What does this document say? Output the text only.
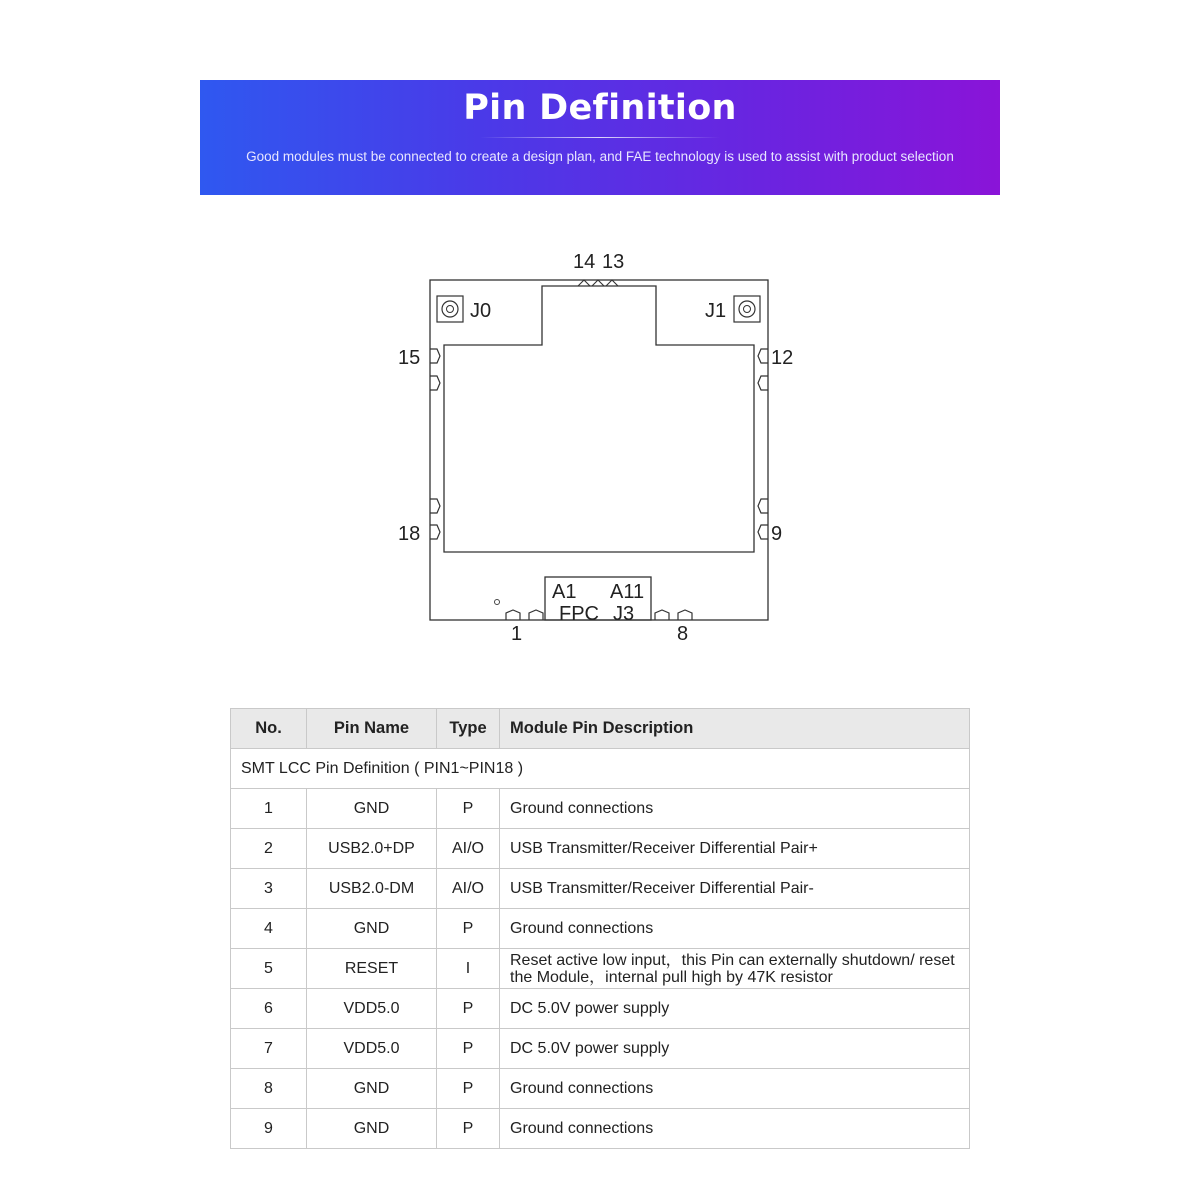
Pin Definition
Good modules must be connected to create a design plan, and FAE technology is used to assist with product selection
14 13
J0	J1
15	12
18	9
A1 A11
FPC J3
1	8
No.	Pin Name	Type	Module Pin Description
SMT LCC Pin Definition ( PIN1~PIN18 )			
1	GND	P	Ground connections
2	USB2.0+DP	AI/O	USB Transmitter/Receiver Differential Pair+
3	USB2.0-DM	AI/O	USB Transmitter/Receiver Differential Pair-
4	GND	P	Ground connections
5	RESET	I	Reset active low input，this Pin can externally shutdown/ reset the Module，internal pull high by 47K resistor
6	VDD5.0	P	DC 5.0V power supply
7	VDD5.0	P	DC 5.0V power supply
8	GND	P	Ground connections
9	GND	P	Ground connections
